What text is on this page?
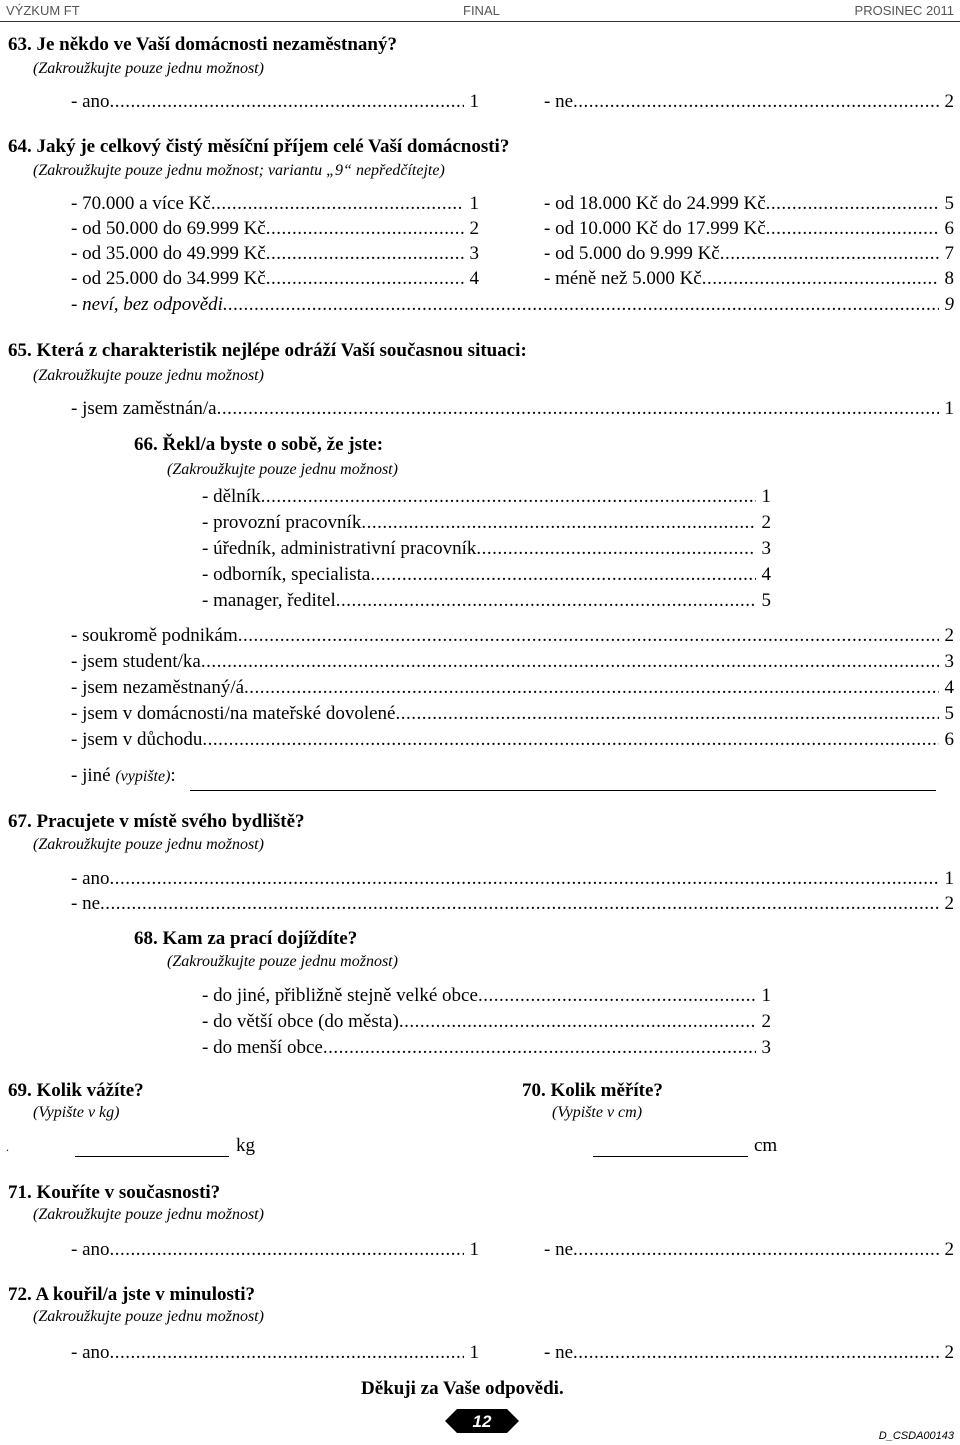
VÝZKUM FT	FINAL	PROSINEC 2011
63. Je někdo ve Vaší domácnosti nezaměstnaný?
(Zakroužkujte pouze jednu možnost)
- ano .....	1	- ne .....	2
64. Jaký je celkový čistý měsíční příjem celé Vaší domácnosti?
(Zakroužkujte pouze jednu možnost; variantu „9“ nepředčítejte)
- 70.000 a více Kč .....	1
- od 50.000 do 69.999 Kč .....	2
- od 35.000 do 49.999 Kč .....	3
- od 25.000 do 34.999 Kč .....	4
- od 18.000 Kč do 24.999 Kč .....	5
- od 10.000 Kč do 17.999 Kč .....	6
- od 5.000 do 9.999 Kč .....	7
- méně než 5.000 Kč .....	8
- neví, bez odpovědi .....	9
65. Která z charakteristik nejlépe odráží Vaší současnou situaci:
(Zakroužkujte pouze jednu možnost)
- jsem zaměstnán/a .....	1
66. Řekl/a byste o sobě, že jste:
(Zakroužkujte pouze jednu možnost)
- dělník .....	1
- provozní pracovník .....	2
- úředník, administrativní pracovník .....	3
- odborník, specialista .....	4
- manager, ředitel .....	5
- soukromě podnikám .....	2
- jsem student/ka .....	3
- jsem nezaměstnaný/á .....	4
- jsem v domácnosti/na mateřské dovolené .....	5
- jsem v důchodu .....	6
- jiné (vypište):
67. Pracujete v místě svého bydliště?
(Zakroužkujte pouze jednu možnost)
- ano .....	1
- ne .....	2
68. Kam za prací dojíždíte?
(Zakroužkujte pouze jednu možnost)
- do jiné, přibližně stejně velké obce .....	1
- do větší obce (do města) .....	2
- do menší obce .....	3
69. Kolik vážíte?
(Vypište v kg)
70. Kolik měříte?
(Vypište v cm)
.	kg	cm
71. Kouříte v současnosti?
(Zakroužkujte pouze jednu možnost)
- ano .....	1	- ne .....	2
72. A kouřil/a jste v minulosti?
(Zakroužkujte pouze jednu možnost)
- ano .....	1	- ne .....	2
Děkuji za Vaše odpovědi.
12
D_CSDA00143
